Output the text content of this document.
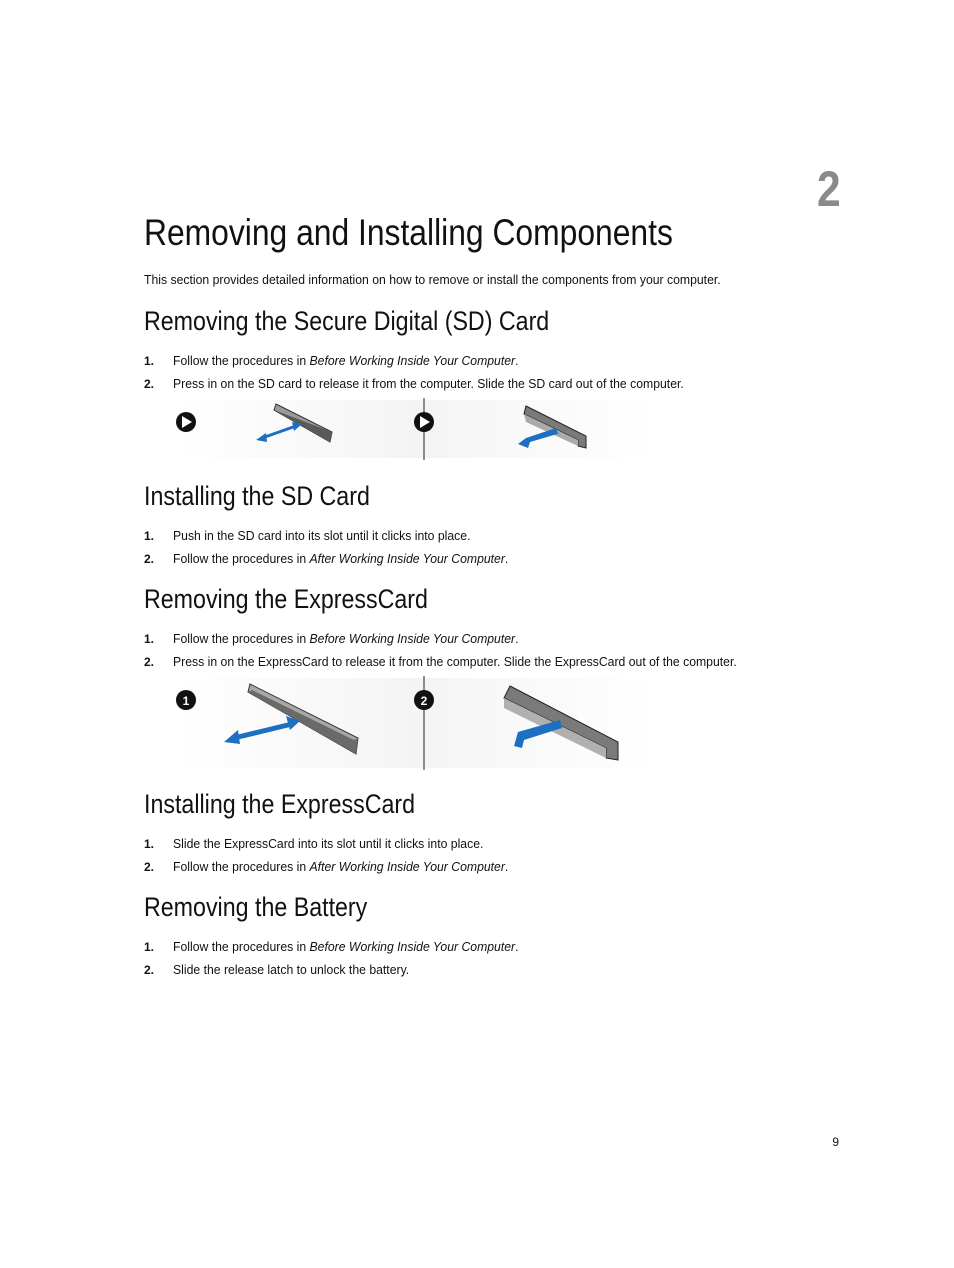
2
Removing and Installing Components

This section provides detailed information on how to remove or install the components from your computer.

Removing the Secure Digital (SD) Card
1. Follow the procedures in Before Working Inside Your Computer.
2. Press in on the SD card to release it from the computer. Slide the SD card out of the computer.
Installing the SD Card
1. Push in the SD card into its slot until it clicks into place.
2. Follow the procedures in After Working Inside Your Computer.
Removing the ExpressCard
1. Follow the procedures in Before Working Inside Your Computer.
2. Press in on the ExpressCard to release it from the computer. Slide the ExpressCard out of the computer.
1	2
Installing the ExpressCard
1. Slide the ExpressCard into its slot until it clicks into place.
2. Follow the procedures in After Working Inside Your Computer.
Removing the Battery
1. Follow the procedures in Before Working Inside Your Computer.
2. Slide the release latch to unlock the battery.
9
